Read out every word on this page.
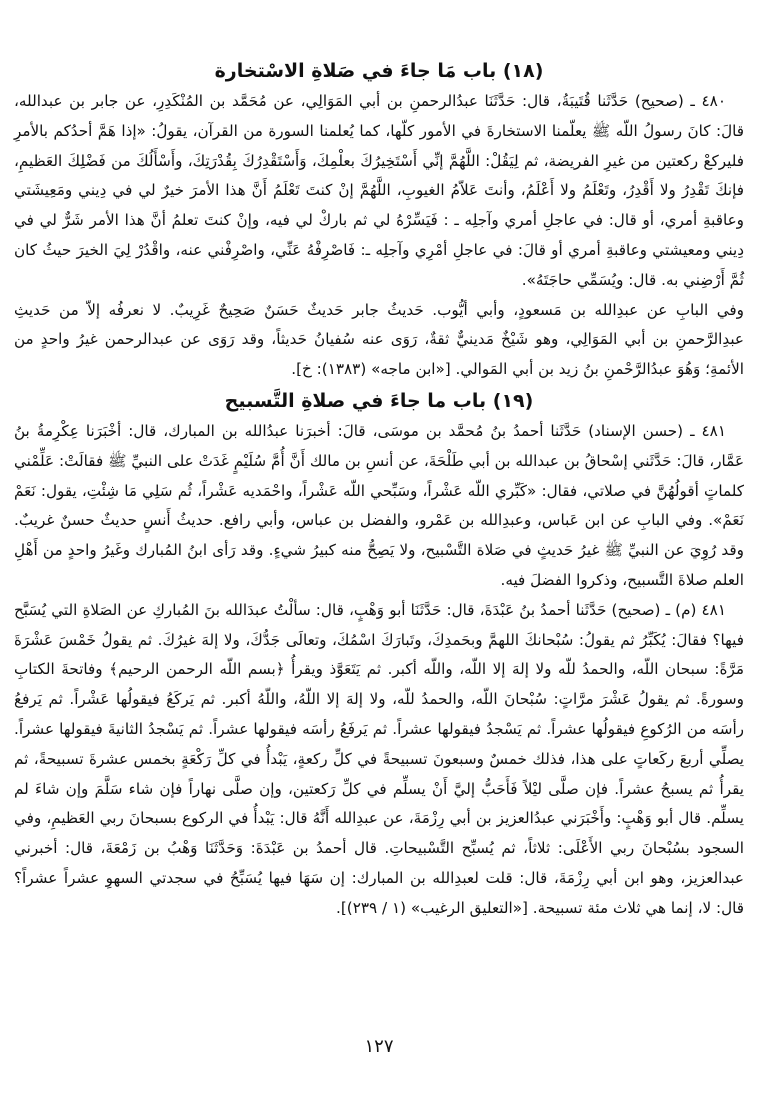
(١٨) باب مَا جاءَ في صَلاةِ الاسْتخارة

٤٨٠ ـ (صحيح) حَدَّثَنا قُتَيبَةُ، قال: حَدَّثَنَا عبدُالرحمنِ بن أبي المَوَالِي، عن مُحَمَّد بن المُنْكَدِرِ، عن جابر بن عبدالله، قالَ: كانَ رسولُ اللّه ﷺ يعلّمنا الاستخارةَ في الأمور كلّها، كما يُعلمنا السورة من القرآن، يقولُ: «إذا هَمَّ أحدُكم بالأمرِ فليركعْ ركعتين من غيرِ الفريضة، ثم لِيَقُلْ: اللَّهُمَّ إنِّي أَسْتَخِيرُكَ بعلْمِكَ، وَأَسْتَقْدِرُكَ بِقُدْرَتِكَ، وأَسْأَلُكَ من فَضْلِكَ العَظيمِ، فإنكَ تَقْدِرُ ولا أَقْدِرُ، وتَعْلَمُ ولا أَعْلَمُ، وأنتَ عَلاّمُ الغيوبِ، اللَّهُمَّ إنْ كنتَ تَعْلَمُ أَنَّ هذا الأمرَ خيرٌ لي في دِيني ومَعِيشَتي وعاقبةِ أمري، أو قال: في عاجلِ أمري وآجلِه ـ : فَيَسِّرْهُ لي ثم باركْ لي فيه، وإنْ كنتَ تعلمُ أنَّ هذا الأمر شَرٌّ لي في دِيني ومعيشتي وعاقبةِ أمري أو قالَ: في عاجلِ أمْرِي وآجلِه ـ: فَاصْرِفْهُ عَنِّي، واصْرِفْني عنه، واقْدُرْ لِيَ الخيرَ حيثُ كان ثُمَّ أَرْضِني به. قال: ويُسَمِّي حاجَتَهُ».

وفي البابِ عن عبدِالله بن مَسعودٍ، وأبي أيُّوب. حَديثُ جابر حَديثٌ حَسَنٌ صَحِيحٌ غَرِيبٌ. لا نعرفُه إلاّ من حَديثِ عبدِالرَّحمنِ بن أبي المَوَالِي، وهو شَيْخٌ مَدينيٌّ ثقةٌ، رَوَى عنه سُفيانُ حَديثاً، وقد رَوَى عن عبدالرحمن غيرُ واحدٍ من الأئمةِ؛ وَهُوَ عبدُالرَّحْمنِ بنُ زيد بن أبي المَوالي. [«ابن ماجه» (١٣٨٣): خ].

(١٩) باب ما جاءَ في صلاةِ التَّسبيح

٤٨١ ـ (حسن الإسناد) حَدَّثَنا أحمدُ بنُ مُحمَّد بن موسَى، قالَ: أخبرَنا عبدُالله بن المبارك، قال: أخْبَرَنا عِكْرِمةُ بنُ عَمَّار، قالَ: حَدَّثَني إسْحاقُ بن عبدالله بن أبي طَلْحَةَ، عن أنسِ بن مالك أَنَّ أُمَّ سُلَيْمٍ غَدَتْ على النبيِّ ﷺ فقالَتْ: عَلِّمْني كلماتٍ أقولُهُنَّ في صلاتي، فقال: «كَبِّري اللّه عَشْراً، وسَبِّحي اللّه عَشْراً، واحْمَديه عَشْراً، ثُم سَلِي مَا شِئْتِ، يقول: نَعَمْ نَعَمْ». وفي البابِ عن ابن عَباس، وعبدِالله بن عَمْرو، والفضل بن عباس، وأبي رافع. حديثُ أَنسٍ حديثٌ حسنٌ غريبٌ. وقد رُوِيَ عن النبيِّ ﷺ غيرُ حَديثٍ في صَلاة التَّسْبيح، ولا يَصِحُّ منه كبيرُ شيءٍ. وقد رَأى ابنُ المُبارك وغَيرُ واحدٍ من أَهْلِ العلم صلاةَ التَّسبيح، وذكروا الفضلَ فيه.

٤٨١ (م) ـ (صحيح) حَدَّثَنا أحمدُ بنُ عَبْدَةَ، قال: حَدَّثَنَا أبو وَهْبٍ، قال: سألْتُ عبدَالله بنَ المُباركِ عن الصَلاةِ التي يُسَبَّح فيها؟ فقالَ: يُكَبِّرُ ثم يقولُ: سُبْحانكَ اللهمَّ وبحَمدِكَ، وتَبارَكَ اسْمُكَ، وتعالَى جَدُّكَ، ولا إلهَ غيرُكَ. ثم يقولُ خَمْسَ عَشْرَةَ مَرَّةً: سبحان اللّه، والحمدُ للّه ولا إلهَ إلا اللّه، واللّه أكبر. ثم يَتَعَوَّذ ويقرأُ ﴿بسم اللّه الرحمن الرحيم﴾ وفاتحةَ الكتابِ وسورةً. ثم يقولُ عَشْرَ مرَّاتٍ: سُبْحانَ اللّه، والحمدُ للّه، ولا إلهَ إلا اللّهُ، واللّهُ أكبر. ثم يَركَعُ فيقولُها عَشْراً. ثم يَرفعُ رأسَه من الرُكوعِ فيقولُها عشراً. ثم يَسْجدُ فيقولها عشراً. ثم يَرفَعُ رأسَه فيقولها عشراً. ثم يَسْجدُ الثانيةَ فيقولها عشراً. يصلِّي أربعَ ركَعاتٍ على هذا، فذلك خمسٌ وسبعونَ تسبيحةً في كلِّ ركعةٍ، يَبْدأُ في كلِّ رَكْعَةٍ بخمس عشرةَ تسبيحةً، ثم يقرأُ ثم يسبحُ عشراً. فإن صلَّى ليْلاً فَأَحَبُّ إليَّ أَنْ يسلِّم في كلِّ رَكعتين، وإن صلَّى نهاراً فإن شاء سَلَّمَ وإن شاءَ لم يسلِّم. قال أبو وَهْبٍ: وأَخْبَرَني عبدُالعزيز بن أبي رِزْمَةَ، عن عبدِالله أَنَّهُ قال: يَبْدأُ في الركوع بسبحانَ ربي العَظيمِ، وفي السجود بسُبْحانَ ربي الأَعْلَى: ثلاثاً، ثم يُسبِّح التَّسْبيحاتِ. قال أحمدُ بن عَبْدَةَ: وَحَدَّثَنَا وَهْبُ بن زَمْعَةَ، قال: أخبرني عبدالعزيز، وهو ابن أبي رِزْمَةَ، قال: قلت لعبدِالله بن المبارك: إن سَهَا فيها يُسَبِّحُ في سجدتي السهوِ عشراً عشراً؟ قال: لا، إنما هي ثلاث مئة تسبيحة. [«التعليق الرغيب» (١ / ٢٣٩)].

١٢٧
